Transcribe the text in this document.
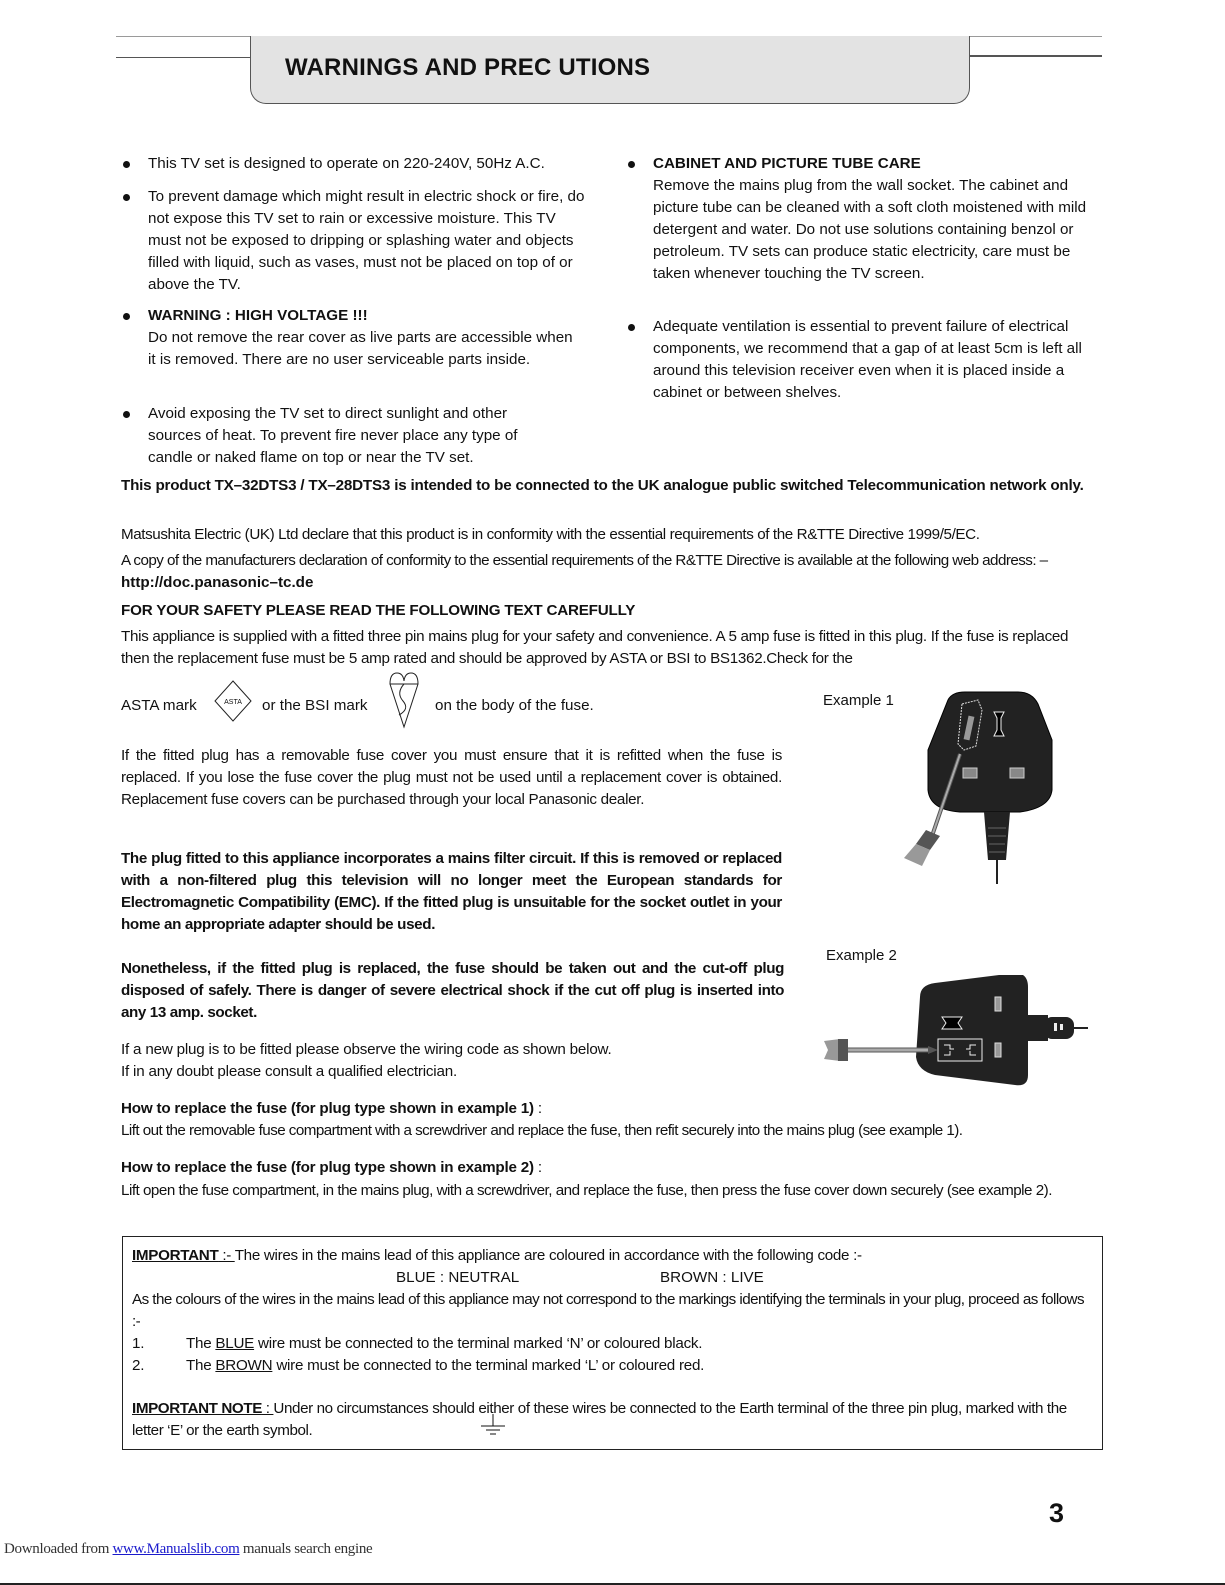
WARNINGS AND PREC UTIONS
This TV set is designed to operate on 220-240V, 50Hz A.C.
To prevent damage which might result in electric shock or fire, do not expose this TV set to rain or excessive moisture. This TV must not be exposed to dripping or splashing water and objects filled with liquid, such as vases, must not be placed on top of or above the TV.
WARNING : HIGH VOLTAGE !!!
Do not remove the rear cover as live parts are accessible when it is removed. There are no user serviceable parts inside.
Avoid exposing the TV set to direct sunlight and other sources of heat. To prevent fire never place any type of candle or naked flame on top or near the TV set.
CABINET AND PICTURE TUBE CARE
Remove the mains plug from the wall socket. The cabinet and picture tube can be cleaned with a soft cloth moistened with mild detergent and water. Do not use solutions containing benzol or petroleum. TV sets can produce static electricity, care must be taken whenever touching the TV screen.
Adequate ventilation is essential to prevent failure of electrical components, we recommend that a gap of at least 5cm is left all around this television receiver even when it is placed inside a cabinet or between shelves.
This product TX–32DTS3 / TX–28DTS3 is intended to be connected to the UK analogue public switched Telecommunication network only.
Matsushita Electric (UK) Ltd declare that this product is in conformity with the essential requirements of the R&TTE Directive 1999/5/EC.
A copy of the manufacturers declaration of conformity to the essential requirements of the R&TTE Directive is available at the following web address: – http://doc.panasonic–tc.de
FOR YOUR SAFETY PLEASE READ THE FOLLOWING TEXT CAREFULLY
This appliance is supplied with a fitted three pin mains plug for your safety and convenience. A 5 amp fuse is fitted in this plug. If the fuse is replaced then the replacement fuse must be 5 amp rated and should be approved by ASTA or BSI to BS1362.Check for the
ASTA mark	ASTA or the BSI mark	on the body of the fuse.
If the fitted plug has a removable fuse cover you must ensure that it is refitted when the fuse is replaced. If you lose the fuse cover the plug must not be used until a replacement cover is obtained. Replacement fuse covers can be purchased through your local Panasonic dealer.
The plug fitted to this appliance incorporates a mains filter circuit. If this is removed or replaced with a non-filtered plug this television will no longer meet the European standards for Electromagnetic Compatibility (EMC). If the fitted plug is unsuitable for the socket outlet in your home an appropriate adapter should be used.
Nonetheless, if the fitted plug is replaced, the fuse should be taken out and the cut-off plug disposed of safely. There is danger of severe electrical shock if the cut off plug is inserted into any 13 amp. socket.
If a new plug is to be fitted please observe the wiring code as shown below.
If in any doubt please consult a qualified electrician.
Example 1
Example 2
How to replace the fuse (for plug type shown in example 1) :
Lift out the removable fuse compartment with a screwdriver and replace the fuse, then refit securely into the mains plug (see example 1).
How to replace the fuse (for plug type shown in example 2) :
Lift open the fuse compartment, in the mains plug, with a screwdriver, and replace the fuse, then press the fuse cover down securely (see example 2).
IMPORTANT :- The wires in the mains lead of this appliance are coloured in accordance with the following code :-
BLUE : NEUTRAL	BROWN : LIVE
As the colours of the wires in the mains lead of this appliance may not correspond to the markings identifying the terminals in your plug, proceed as follows :-
1.	The BLUE wire must be connected to the terminal marked ‘N’ or coloured black.
2.	The BROWN wire must be connected to the terminal marked ‘L’ or coloured red.
IMPORTANT NOTE : Under no circumstances should either of these wires be connected to the Earth terminal of the three pin plug, marked with the letter ‘E’ or the earth symbol.
3
Downloaded from www.Manualslib.com manuals search engine
